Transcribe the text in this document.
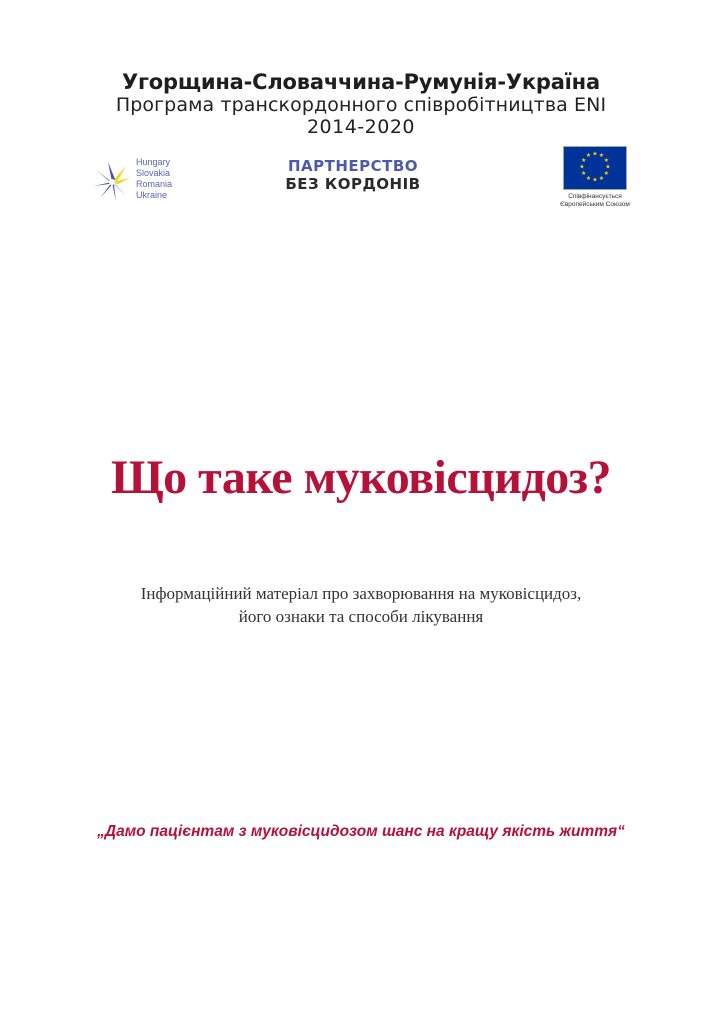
Угорщина-Словаччина-Румунія-Україна
Програма транскордонного співробітництва ENI
2014-2020
Hungary
Slovakia
Romania
Ukraine
ПАРТНЕРСТВО
БЕЗ КОРДОНІВ
★ ★
★
★
★
★
★
★
★
★
★
★
Співфінансується
Європейським Союзом
Що таке муковісцидоз?
Інформаційний матеріал про захворювання на муковісцидоз,
його ознаки та способи лікування
„Дамо пацієнтам з муковісцидозом шанс на кращу якість життя“
